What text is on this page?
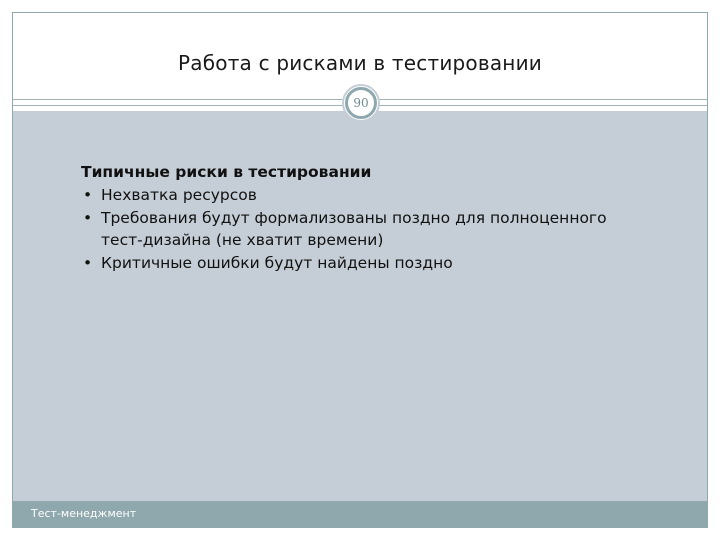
Работа с рисками в тестировании
90
Типичные риски в тестировании
• Нехватка ресурсов
• Требования будут формализованы поздно для полноценного тест-дизайна (не хватит времени)
• Критичные ошибки будут найдены поздно
Тест-менеджмент
